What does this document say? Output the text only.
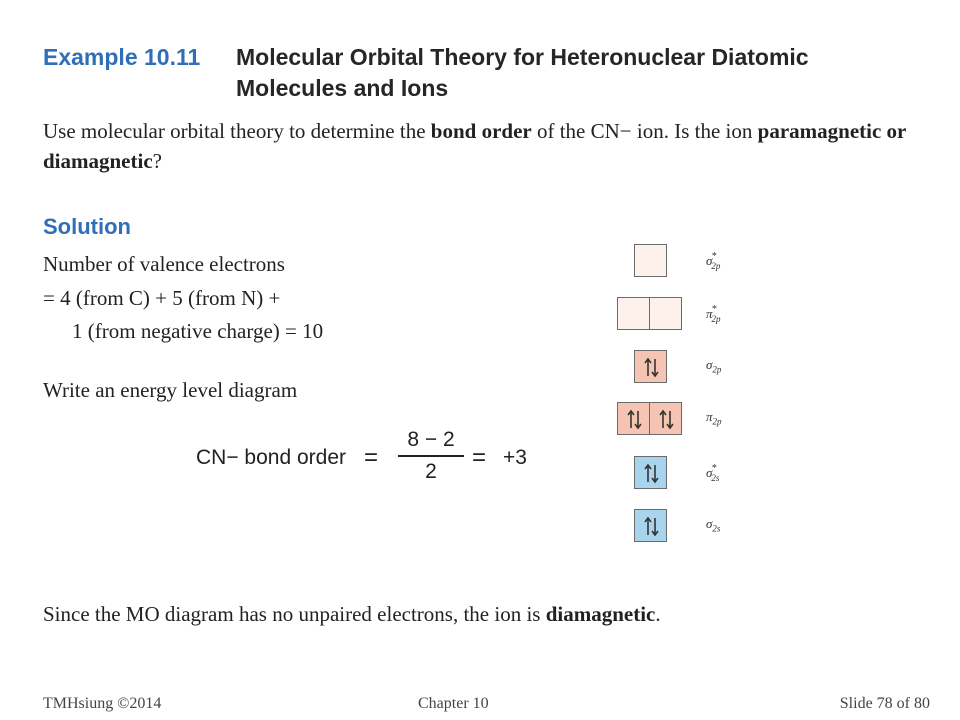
Example 10.11 Molecular Orbital Theory for Heteronuclear Diatomic Molecules and Ions
Use molecular orbital theory to determine the bond order of the CN− ion. Is the ion paramagnetic or diamagnetic?
Solution
Number of valence electrons
= 4 (from C) + 5 (from N) +
1 (from negative charge) = 10
Write an energy level diagram
CN− bond order =
8 − 2
2
= +3
$\sigma^*_{2p}$
$\pi^*_{2p}$
$\sigma_{2p}$
$\pi_{2p}$
$\sigma^*_{2s}$
$\sigma_{2s}$
Since the MO diagram has no unpaired electrons, the ion is diamagnetic.
TMHsiung ©2014	Chapter 10	Slide 78 of 80
